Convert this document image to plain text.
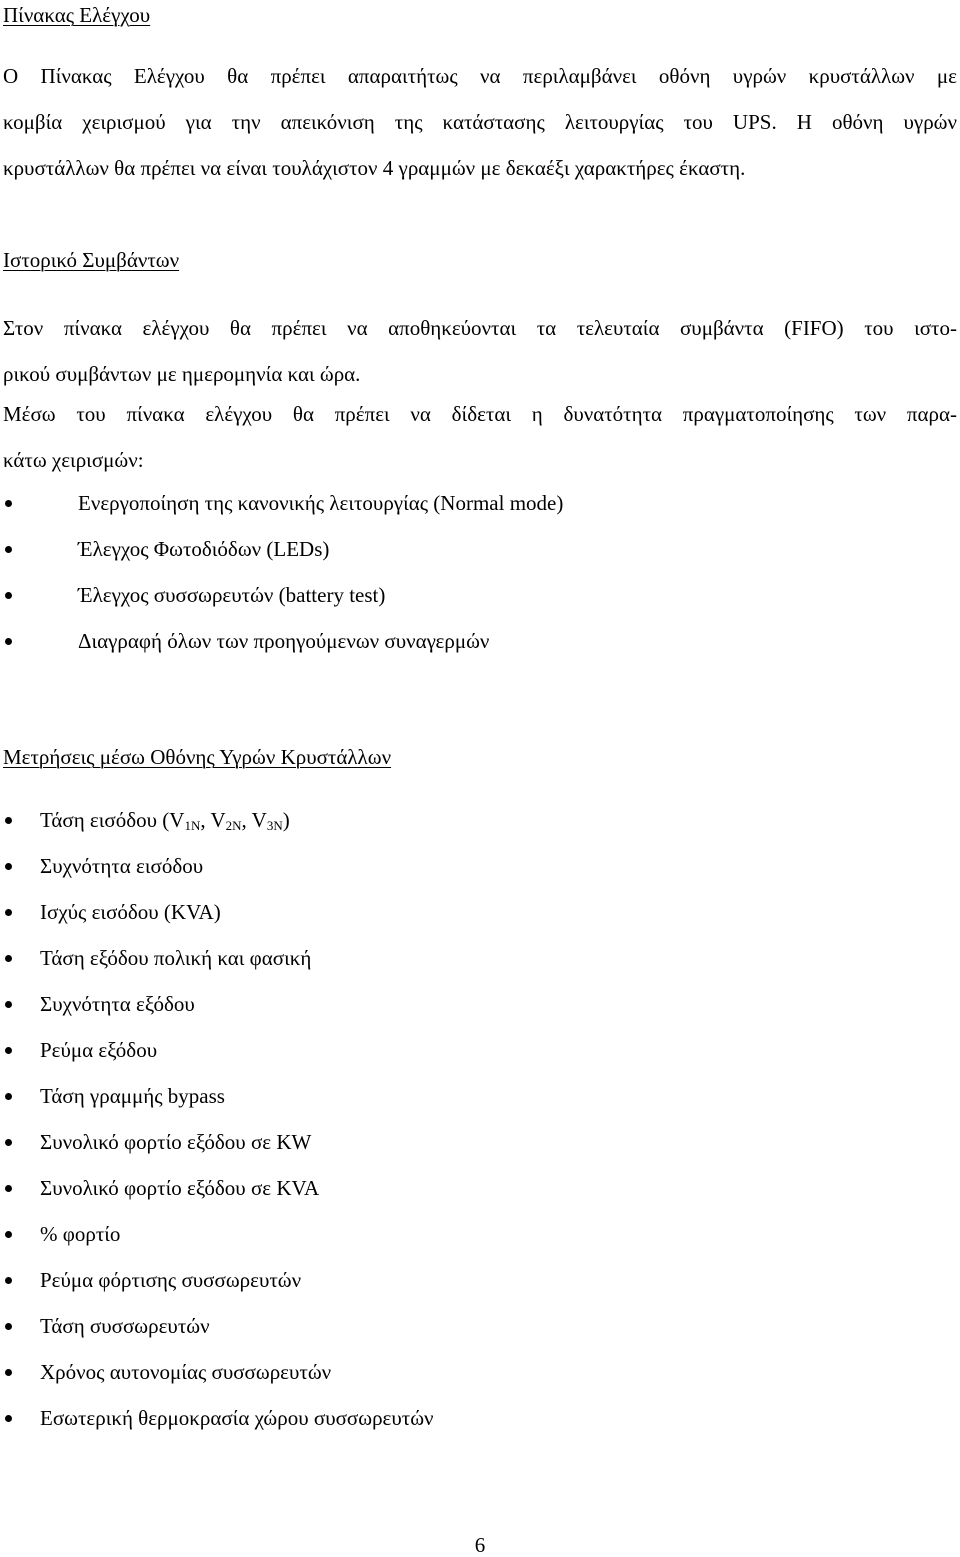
Πίνακας Ελέγχου
Ο Πίνακας Ελέγχου θα πρέπει απαραιτήτως να περιλαμβάνει οθόνη υγρών κρυστάλλων με
κομβία χειρισμού για την απεικόνιση της κατάστασης λειτουργίας του UPS. Η οθόνη υγρών
κρυστάλλων θα πρέπει να είναι τουλάχιστον 4 γραμμών με δεκαέξι χαρακτήρες έκαστη.
Ιστορικό Συμβάντων
Στον πίνακα ελέγχου θα πρέπει να αποθηκεύονται τα τελευταία συμβάντα (FIFO) του ιστο-
ρικού συμβάντων με ημερομηνία και ώρα.
Μέσω του πίνακα ελέγχου θα πρέπει να δίδεται η δυνατότητα πραγματοποίησης των παρα-
κάτω χειρισμών:
Ενεργοποίηση της κανονικής λειτουργίας (Normal mode)
Έλεγχος Φωτοδιόδων (LEDs)
Έλεγχος συσσωρευτών (battery test)
Διαγραφή όλων των προηγούμενων συναγερμών
Μετρήσεις μέσω Οθόνης Υγρών Κρυστάλλων
Τάση εισόδου ($V_{1N}$, $V_{2N}$, $V_{3N}$)
Συχνότητα εισόδου
Ισχύς εισόδου (KVA)
Τάση εξόδου πολική και φασική
Συχνότητα εξόδου
Ρεύμα εξόδου
Τάση γραμμής bypass
Συνολικό φορτίο εξόδου σε KW
Συνολικό φορτίο εξόδου σε KVA
% φορτίο
Ρεύμα φόρτισης συσσωρευτών
Τάση συσσωρευτών
Χρόνος αυτονομίας συσσωρευτών
Εσωτερική θερμοκρασία χώρου συσσωρευτών
6
